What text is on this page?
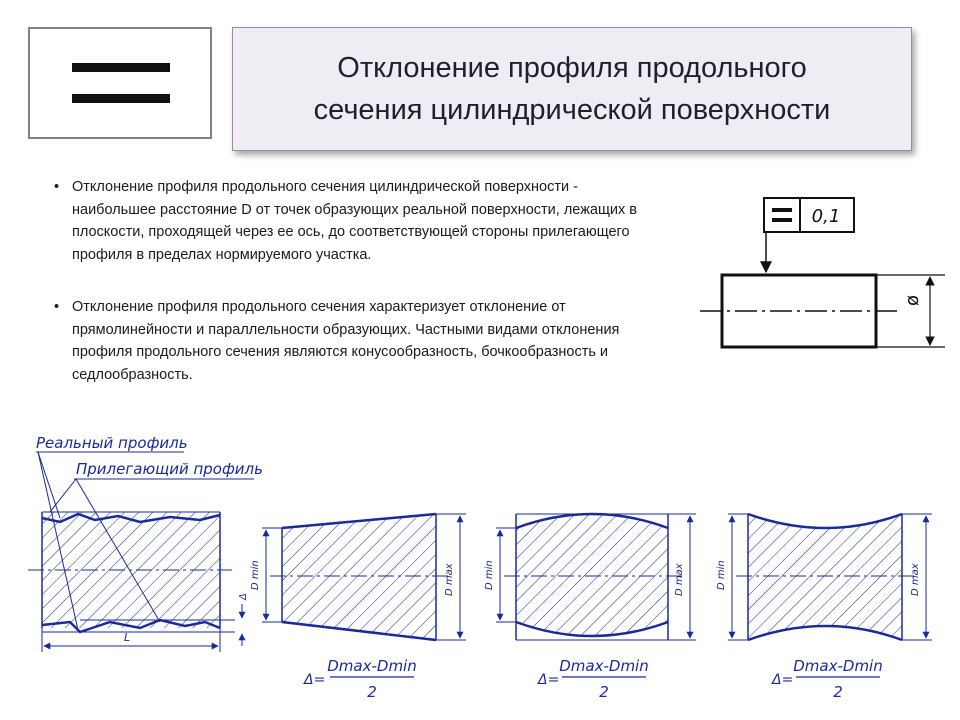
Отклонение профиля продольного
сечения цилиндрической поверхности
• Отклонение профиля продольного сечения цилиндрической поверхности - наибольшее расстояние D от точек образующих реальной поверхности, лежащих в плоскости, проходящей через ее ось, до соответствующей стороны прилегающего профиля в пределах нормируемого участка.
• Отклонение профиля продольного сечения характеризует отклонение от прямолинейности и параллельности образующих. Частными видами отклонения профиля продольного сечения являются конусообразность, бочкообразность и седлообразность.
0,1
ø
Реальный профиль
Прилегающий профиль
L
Δ
D min	D max
Δ=
Dmax-Dmin
2
D min	D max
Δ=
Dmax-Dmin
2
D min	D max
Δ=
Dmax-Dmin
2
